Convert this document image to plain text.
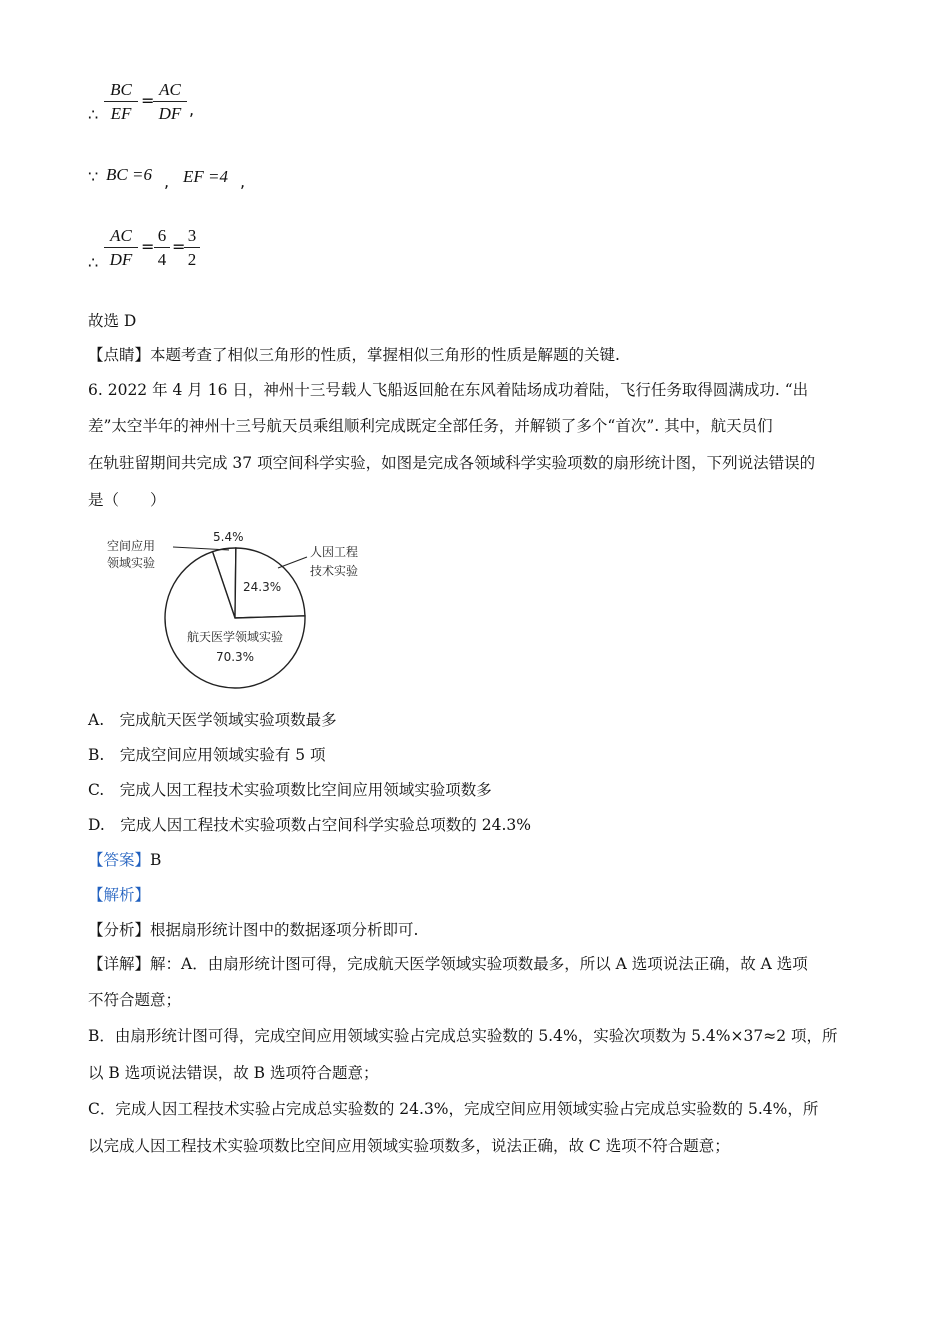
∴ $\frac{BC}{EF}$ =
$\frac{AC}{DF}$ ,
∵ BC =6 , EF =4 ,
∴ $\frac{AC}{DF} = \frac{6}{4}$ =
$\frac{3}{2}$
故选 D
【点睛】本题考查了相似三角形的性质，掌握相似三角形的性质是解题的关键.
6. 2022 年 4 月 16 日，神州十三号载人飞船返回舱在东风着陆场成功着陆，飞行任务取得圆满成功. “出
差”太空半年的神州十三号航天员乘组顺利完成既定全部任务，并解锁了多个“首次”. 其中，航天员们
在轨驻留期间共完成 37 项空间科学实验，如图是完成各领域科学实验项数的扇形统计图，下列说法错误的
是（　　）
5.4%
空间应用
领域实验
24.3%
人因工程
技术实验
航天医学领域实验
70.3%
A.　完成航天医学领域实验项数最多
B.　完成空间应用领域实验有 5 项
C.　完成人因工程技术实验项数比空间应用领域实验项数多
D.　完成人因工程技术实验项数占空间科学实验总项数的 24.3%
【答案】B
【解析】
【分析】根据扇形统计图中的数据逐项分析即可.
【详解】解：A．由扇形统计图可得，完成航天医学领域实验项数最多，所以 A 选项说法正确，故 A 选项
不符合题意；
B．由扇形统计图可得，完成空间应用领域实验占完成总实验数的 5.4%，实验次项数为 5.4%×37≈2 项，所
以 B 选项说法错误，故 B 选项符合题意；
C．完成人因工程技术实验占完成总实验数的 24.3%，完成空间应用领域实验占完成总实验数的 5.4%，所
以完成人因工程技术实验项数比空间应用领域实验项数多，说法正确，故 C 选项不符合题意；
